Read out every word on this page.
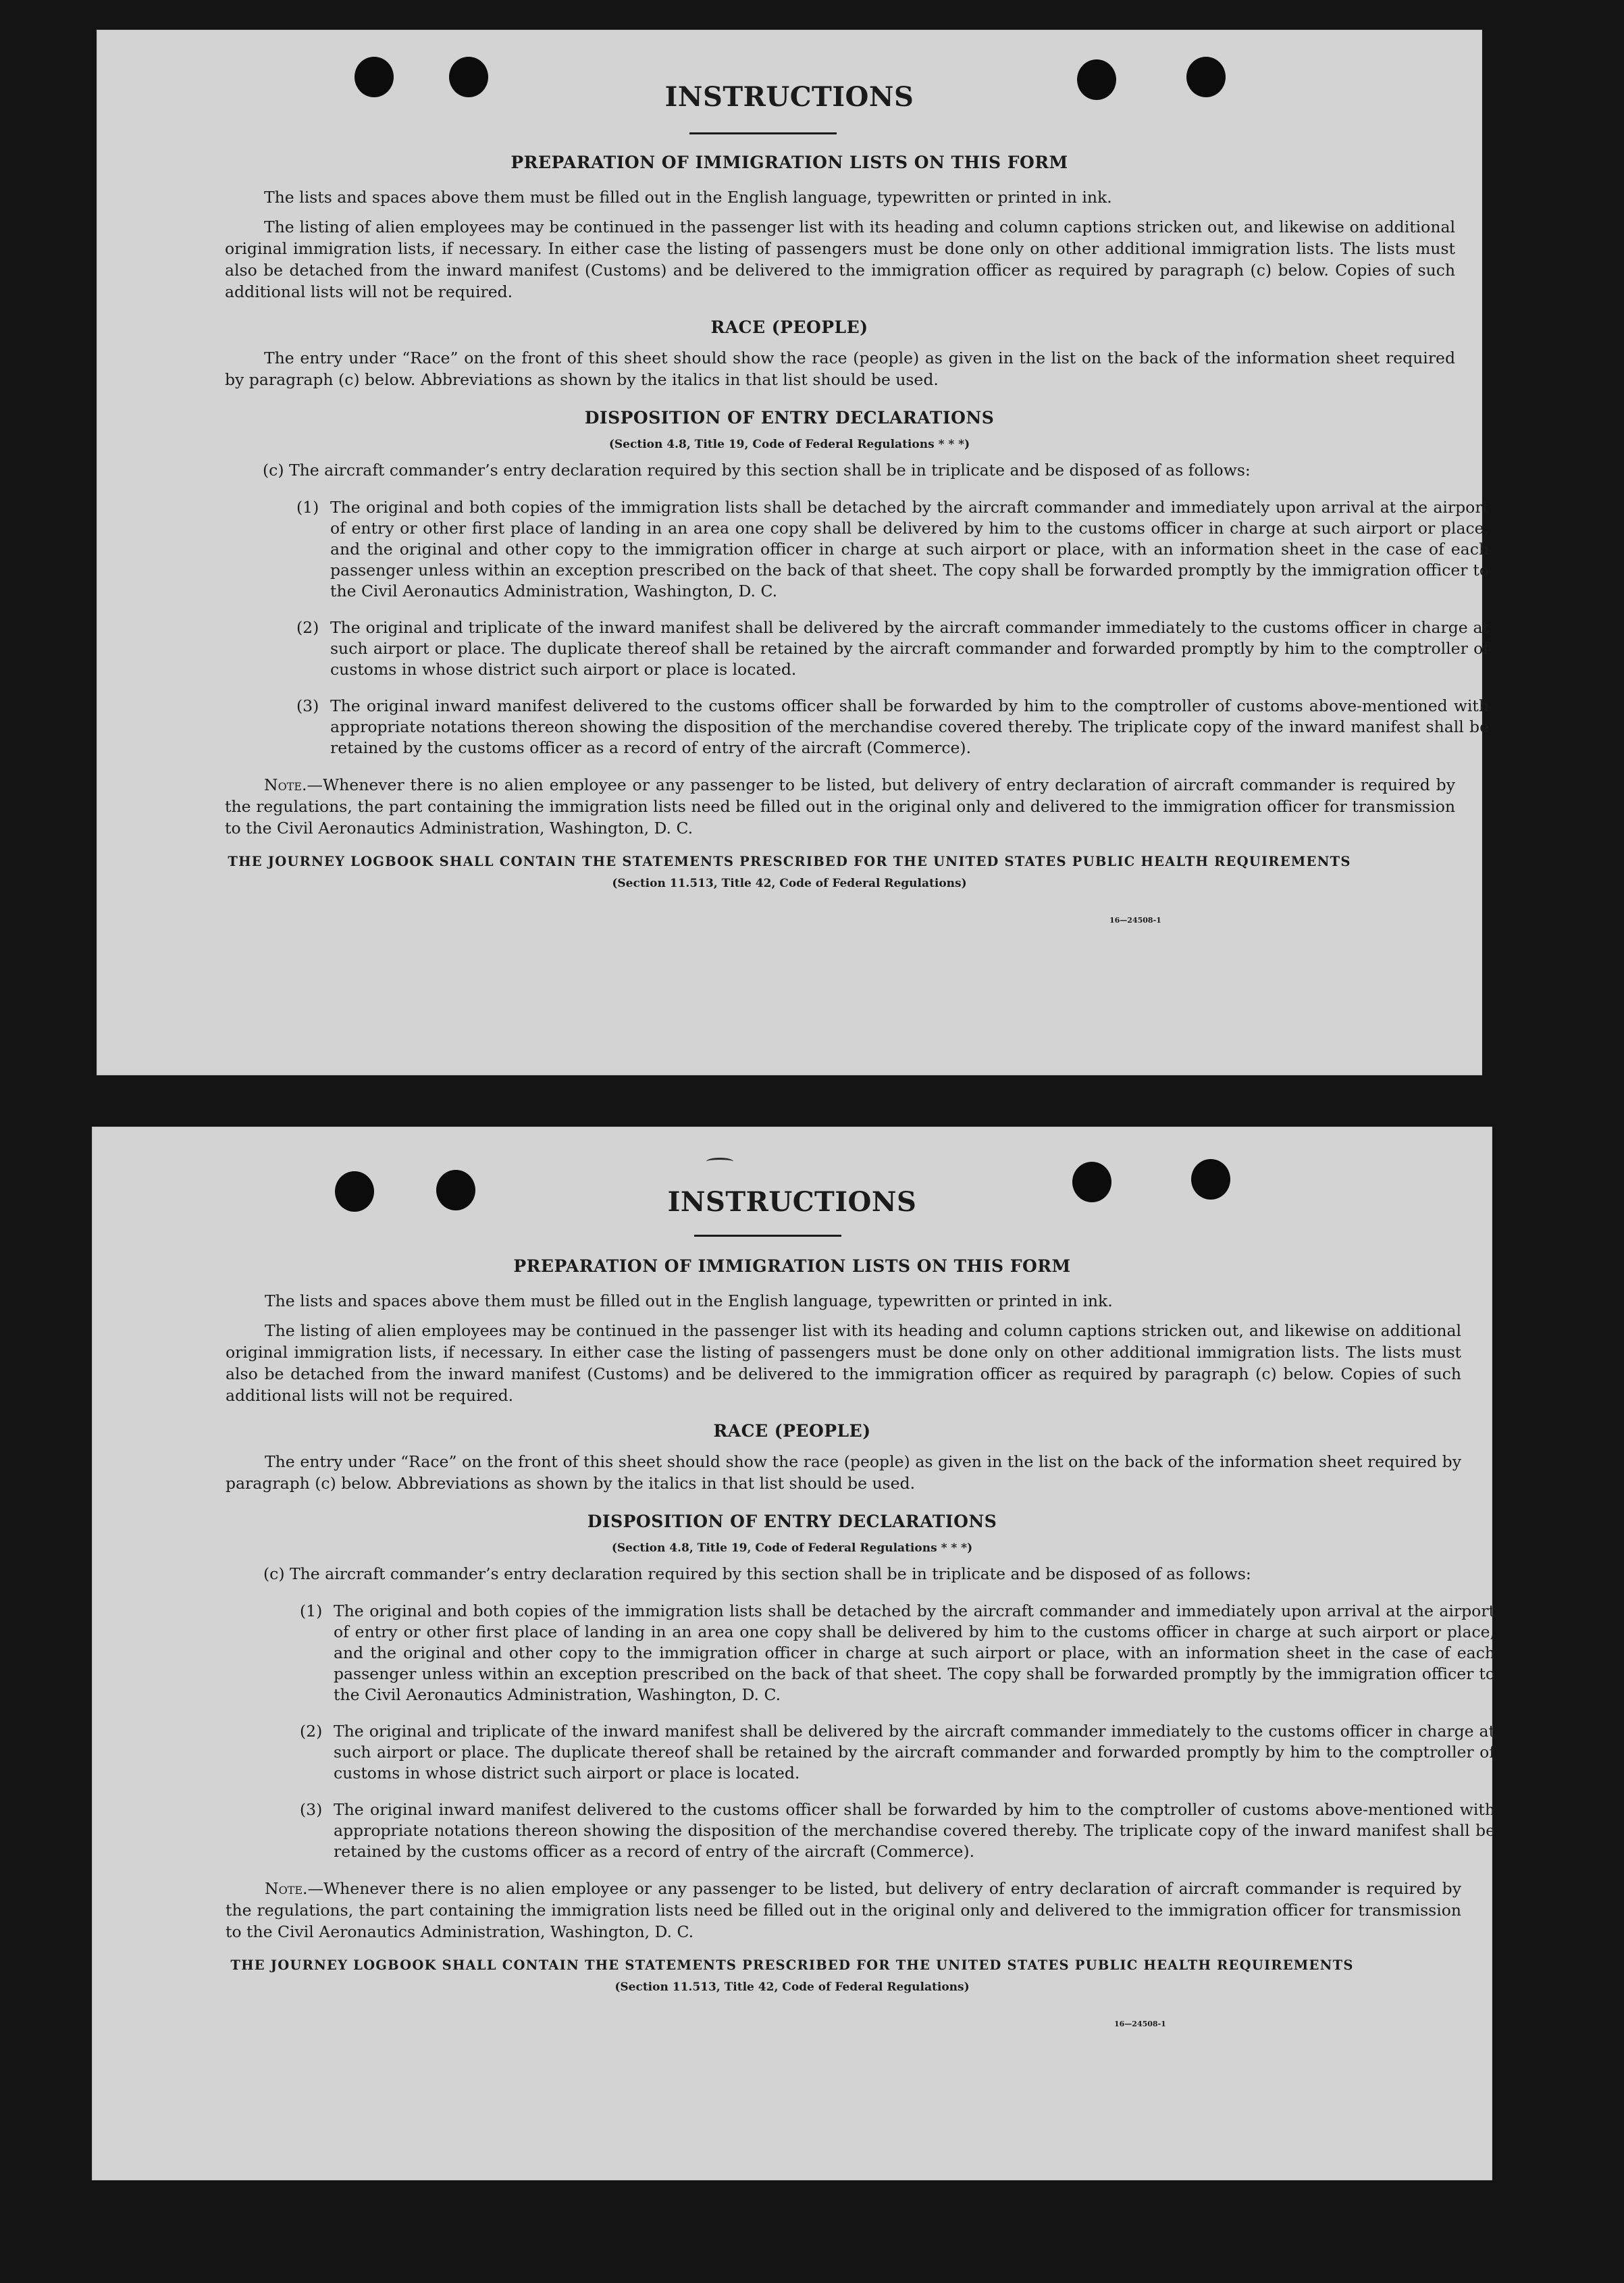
INSTRUCTIONS
PREPARATION OF IMMIGRATION LISTS ON THIS FORM
The lists and spaces above them must be filled out in the English language, typewritten or printed in ink.
The listing of alien employees may be continued in the passenger list with its heading and column captions stricken out, and likewise on additional original immigration lists, if necessary. In either case the listing of passengers must be done only on other additional immigration lists. The lists must also be detached from the inward manifest (Customs) and be delivered to the immigration officer as required by paragraph (c) below. Copies of such additional lists will not be required.
RACE (PEOPLE)
The entry under “Race” on the front of this sheet should show the race (people) as given in the list on the back of the information sheet required by paragraph (c) below. Abbreviations as shown by the italics in that list should be used.
DISPOSITION OF ENTRY DECLARATIONS
(Section 4.8, Title 19, Code of Federal Regulations * * *)
(c) The aircraft commander’s entry declaration required by this section shall be in triplicate and be disposed of as follows:
(1) The original and both copies of the immigration lists shall be detached by the aircraft commander and immediately upon arrival at the airport of entry or other first place of landing in an area one copy shall be delivered by him to the customs officer in charge at such airport or place, and the original and other copy to the immigration officer in charge at such airport or place, with an information sheet in the case of each passenger unless within an exception prescribed on the back of that sheet. The copy shall be forwarded promptly by the immigration officer to the Civil Aeronautics Administration, Washington, D. C.
(2) The original and triplicate of the inward manifest shall be delivered by the aircraft commander immediately to the customs officer in charge at such airport or place. The duplicate thereof shall be retained by the aircraft commander and forwarded promptly by him to the comptroller of customs in whose district such airport or place is located.
(3) The original inward manifest delivered to the customs officer shall be forwarded by him to the comptroller of customs above-mentioned with appropriate notations thereon showing the disposition of the merchandise covered thereby. The triplicate copy of the inward manifest shall be retained by the customs officer as a record of entry of the aircraft (Commerce).
Note.—Whenever there is no alien employee or any passenger to be listed, but delivery of entry declaration of aircraft commander is required by the regulations, the part containing the immigration lists need be filled out in the original only and delivered to the immigration officer for transmission to the Civil Aeronautics Administration, Washington, D. C.
THE JOURNEY LOGBOOK SHALL CONTAIN THE STATEMENTS PRESCRIBED FOR THE UNITED STATES PUBLIC HEALTH REQUIREMENTS
(Section 11.513, Title 42, Code of Federal Regulations)
16—24508-1
INSTRUCTIONS
PREPARATION OF IMMIGRATION LISTS ON THIS FORM
The lists and spaces above them must be filled out in the English language, typewritten or printed in ink.
The listing of alien employees may be continued in the passenger list with its heading and column captions stricken out, and likewise on additional original immigration lists, if necessary. In either case the listing of passengers must be done only on other additional immigration lists. The lists must also be detached from the inward manifest (Customs) and be delivered to the immigration officer as required by paragraph (c) below. Copies of such additional lists will not be required.
RACE (PEOPLE)
The entry under “Race” on the front of this sheet should show the race (people) as given in the list on the back of the information sheet required by paragraph (c) below. Abbreviations as shown by the italics in that list should be used.
DISPOSITION OF ENTRY DECLARATIONS
(Section 4.8, Title 19, Code of Federal Regulations * * *)
(c) The aircraft commander’s entry declaration required by this section shall be in triplicate and be disposed of as follows:
(1) The original and both copies of the immigration lists shall be detached by the aircraft commander and immediately upon arrival at the airport of entry or other first place of landing in an area one copy shall be delivered by him to the customs officer in charge at such airport or place, and the original and other copy to the immigration officer in charge at such airport or place, with an information sheet in the case of each passenger unless within an exception prescribed on the back of that sheet. The copy shall be forwarded promptly by the immigration officer to the Civil Aeronautics Administration, Washington, D. C.
(2) The original and triplicate of the inward manifest shall be delivered by the aircraft commander immediately to the customs officer in charge at such airport or place. The duplicate thereof shall be retained by the aircraft commander and forwarded promptly by him to the comptroller of customs in whose district such airport or place is located.
(3) The original inward manifest delivered to the customs officer shall be forwarded by him to the comptroller of customs above-mentioned with appropriate notations thereon showing the disposition of the merchandise covered thereby. The triplicate copy of the inward manifest shall be retained by the customs officer as a record of entry of the aircraft (Commerce).
Note.—Whenever there is no alien employee or any passenger to be listed, but delivery of entry declaration of aircraft commander is required by the regulations, the part containing the immigration lists need be filled out in the original only and delivered to the immigration officer for transmission to the Civil Aeronautics Administration, Washington, D. C.
THE JOURNEY LOGBOOK SHALL CONTAIN THE STATEMENTS PRESCRIBED FOR THE UNITED STATES PUBLIC HEALTH REQUIREMENTS
(Section 11.513, Title 42, Code of Federal Regulations)
16—24508-1
